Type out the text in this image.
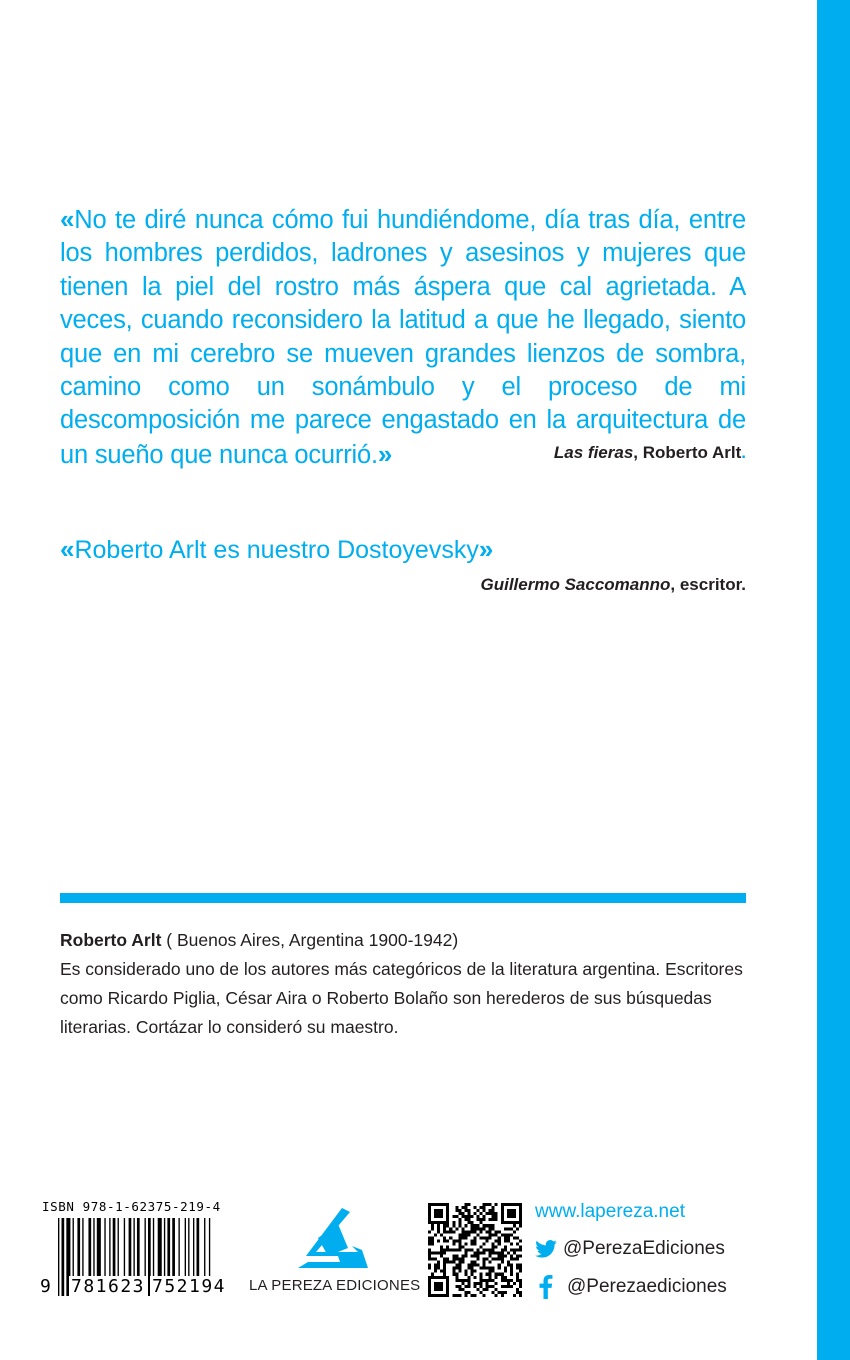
«No te diré nunca cómo fui hundiéndome, día tras día, entre los hombres perdidos, ladrones y asesinos y mujeres que tienen la piel del rostro más áspera que cal agrietada. A veces, cuando reconsidero la latitud a que he llegado, siento que en mi cerebro se mueven grandes lienzos de sombra, camino como un sonámbulo y el proceso de mi descomposición me parece engastado en la arquitectura de un sueño que nunca ocurrió.»	Las fieras, Roberto Arlt.
«Roberto Arlt es nuestro Dostoyevsky»
Guillermo Saccomanno, escritor.
Roberto Arlt ( Buenos Aires, Argentina 1900-1942)
Es considerado uno de los autores más categóricos de la literatura argentina. Escritores como Ricardo Piglia, César Aira o Roberto Bolaño son herederos de sus búsquedas literarias. Cortázar lo consideró su maestro.
ISBN 978-1-62375-219-4
9 781623 752194 LA PEREZA EDICIONES
www.lapereza.net
@PerezaEdiciones
@Perezaediciones
